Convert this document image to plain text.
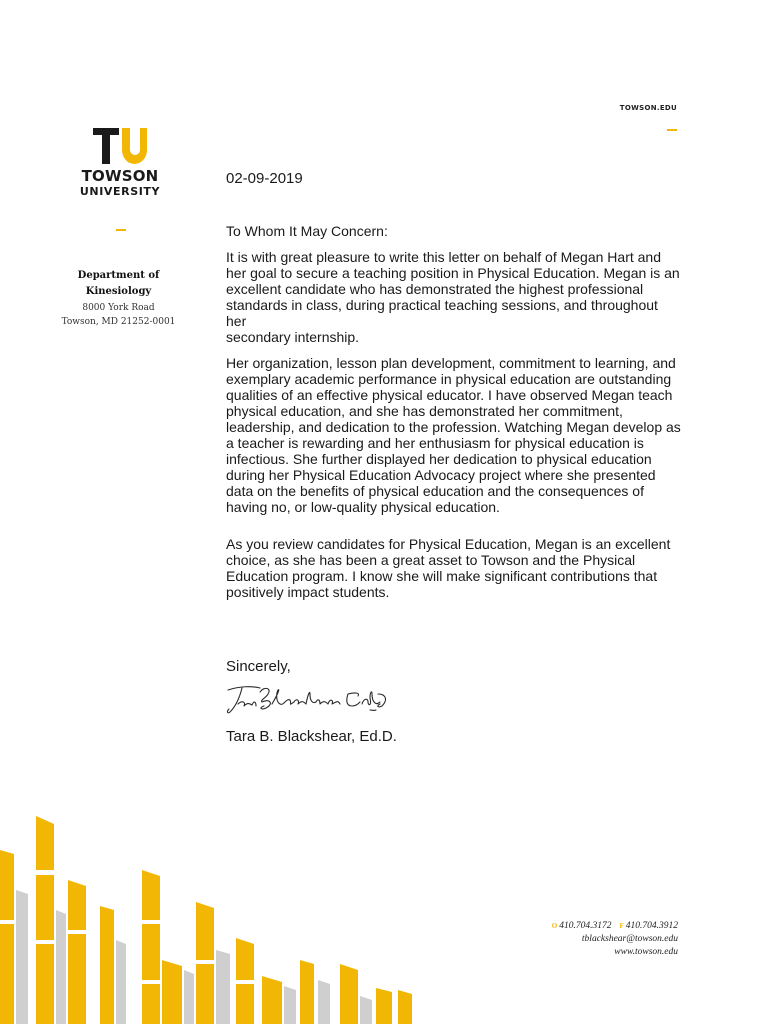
TOWSON.EDU
TOWSON
UNIVERSITY
Department of
Kinesiology
8000 York Road
Towson, MD 21252-0001
02-09-2019
To Whom It May Concern:
It is with great pleasure to write this letter on behalf of Megan Hart and
her goal to secure a teaching position in Physical Education. Megan is an
excellent candidate who has demonstrated the highest professional
standards in class, during practical teaching sessions, and throughout her
secondary internship.
Her organization, lesson plan development, commitment to learning, and
exemplary academic performance in physical education are outstanding
qualities of an effective physical educator. I have observed Megan teach
physical education, and she has demonstrated her commitment,
leadership, and dedication to the profession. Watching Megan develop as
a teacher is rewarding and her enthusiasm for physical education is
infectious. She further displayed her dedication to physical education
during her Physical Education Advocacy project where she presented
data on the benefits of physical education and the consequences of
having no, or low-quality physical education.
As you review candidates for Physical Education, Megan is an excellent
choice, as she has been a great asset to Towson and the Physical
Education program. I know she will make significant contributions that
positively impact students.
Sincerely,
Tara B. Blackshear, Ed.D.
O 410.704.3172 F 410.704.3912
tblackshear@towson.edu
www.towson.edu
